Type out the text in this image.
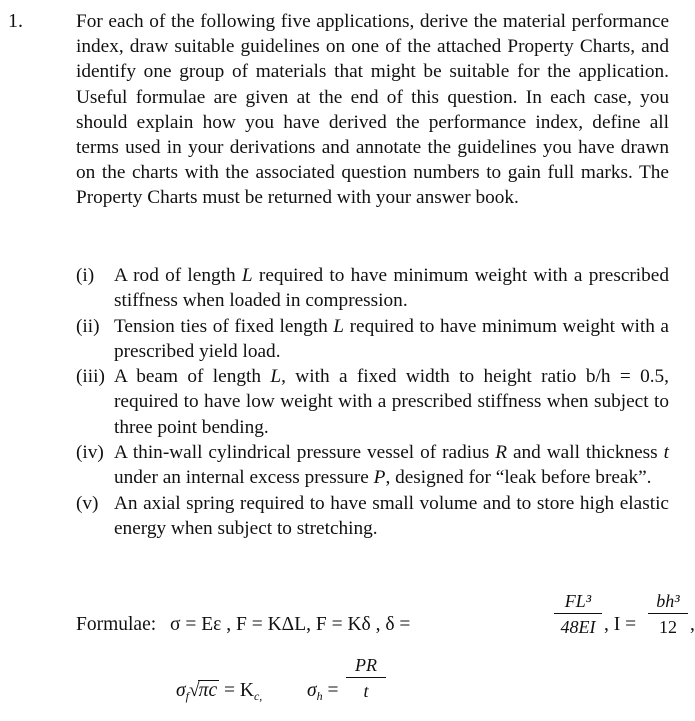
1.	For each of the following five applications, derive the material performance index, draw suitable guidelines on one of the attached Property Charts, and identify one group of materials that might be suitable for the application. Useful formulae are given at the end of this question. In each case, you should explain how you have derived the performance index, define all terms used in your derivations and annotate the guidelines you have drawn on the charts with the associated question numbers to gain full marks. The Property Charts must be returned with your answer book.

(i) A rod of length L required to have minimum weight with a prescribed stiffness when loaded in compression.
(ii) Tension ties of fixed length L required to have minimum weight with a prescribed yield load.
(iii) A beam of length L, with a fixed width to height ratio b/h = 0.5, required to have low weight with a prescribed stiffness when subject to three point bending.
(iv) A thin-wall cylindrical pressure vessel of radius R and wall thickness t under an internal excess pressure P, designed for “leak before break”.
(v) An axial spring required to have small volume and to store high elastic energy when subject to stretching.
Formulae: σ = Eε , F = KΔL, F = Kδ , δ =
FL³
48EI , I =
bh³
12 ,
$\sigma_f√\pi c = K_{c,}$ $\sigma_h$ =
PR
t
